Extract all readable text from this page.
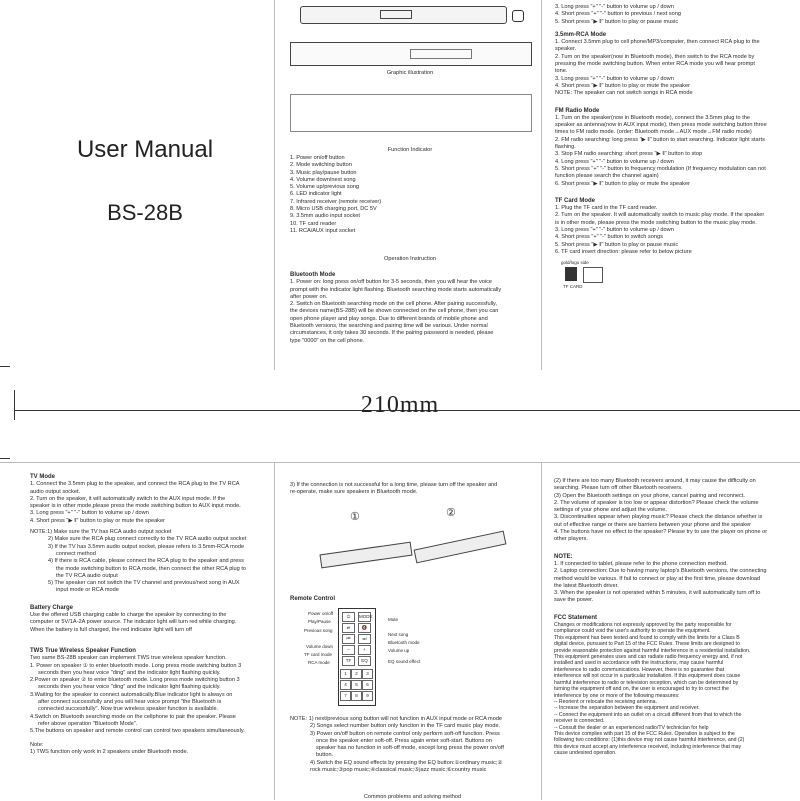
User Manual
BS-28B
Graphic illustration
Function Indicator

1. Power on/off button

2. Mode switching button

3. Music play/pause button

4. Volume down/next song

5. Volume up/previous song

6. LED indicator light

7. Infrared receiver (remote receiver)

8. Micro USB charging port, DC 5V

9. 3.5mm audio input socket

10. TF card reader

11. RCA/AUX input socket

Operation Instruction

Bluetooth Mode

1. Power on: long press on/off button for 3-5 seconds, then you will hear the voice

prompt with the indicator light flashing. Bluetooth searching mode starts automatically

after power on.

2. Switch on Bluetooth searching mode on the cell phone. After pairing successfully,

the devices name(BS-28B) will be shown connected on the cell phone, then you can

open phone player and play songs. Due to different brands of mobile phone and

Bluetooth versions, the searching and pairing time will be various. Under normal

circumstances, it only takes 30 seconds. If the pairing password is needed, please

type "0000" on the cell phone.

3. Long press "+" "-" button to volume up / down

4. Short press "+" "-" button to previous / next song

5. Short press "▶ ‖" button to play or pause music

3.5mm-RCA Mode

1. Connect 3.5mm plug to cell phone/MP3/computer, then connect RCA plug to the

speaker.

2. Turn on the speaker(now in Bluetooth mode), then switch to the RCA mode by

pressing the mode switching button. When enter RCA mode you will hear prompt

tone.

3. Long press "+" "-" button to volume up / down

4. Short press "▶ ‖" button to play or mute the speaker

NOTE: The speaker can not switch songs in RCA mode

FM Radio Mode

1. Turn on the speaker(now in Bluetooth mode), connect the 3.5mm plug to the

speaker as antenna(now in AUX input mode), then press mode switching button three

times to FM radio mode. (order: Bluetooth mode→AUX mode→FM radio mode)

2. FM radio searching: long press "▶ ‖" button to start searching. Indicator light starts

flashing.

3. Stop FM radio searching: short press "▶ ‖" button to stop

4. Long press "+" "-" button to volume up / down

5. Short press "+" "-" button to frequency modulation (If frequency modulation can not

function please search the channel again)

6. Short press "▶ ‖" button to play or mute the speaker

TF Card Mode

1. Plug the TF card in the TF card reader.

2. Turn on the speaker. It will automatically switch to music play mode. If the speaker

is in other mode, please press the mode switching button to the music play mode.

3. Long press "+" "-" button to volume up / down

4. Short press "+" "-" button to switch songs

5. Short press "▶ ‖" button to play or pause music

6. TF card insert direction: please refer to below picture

gold/logo side
TF CARD
210mm

TV Mode

1. Connect the 3.5mm plug to the speaker, and connect the RCA plug to the TV RCA

audio output socket.

2. Turn on the speaker, it will automatically switch to the AUX input mode. If the

speaker is in other mode,please press the mode switching button to AUX input mode.

3. Long press "+" "-" button to volume up / down

4. Short press "▶ ‖" button to play or mute the speaker

NOTE:1) Make sure the TV has RCA audio output socket

2) Make sure the RCA plug connect correctly to the TV RCA audio output socket

3) If the TV has 3.5mm audio output socket, please refers to 3.5mm-RCA mode

connect method

4) If there is RCA cable, please connect the RCA plug to the speaker and press

the mode switching button to RCA mode, then connect the other RCA plug to

the TV RCA audio output

5) The speaker can not switch the TV channel and previous/next song in AUX

input mode or RCA mode

Battery Charge

Use the offered USB charging cable to charge the speaker by connecting to the

computer or 5V/1A-2A power source. The indicator light will turn red while charging.

When the battery is full charged, the red indicator light will turn off

TWS True Wireless Speaker Function

Two same BS-28B speaker can implement TWS true wireless speaker function.

1. Power on speaker ① to enter bluetooth mode. Long press mode switching button 3

seconds then you hear voice "ding" and the indicator light flashing quickly.

2.Power on speaker ② to enter bluetooth mode. Long press mode switching button 3

seconds then you hear voice "ding" and the indicator light flashing quickly.

3.Waiting for the speaker to connect automatically.Blue indicator light is always on

after connect successfully and you will hear voice prompt "the Bluetooth is

connected successfully". Now true wireless speaker function is available.

4.Switch on Bluetooth searching mode on the cellphone to pair the speaker. Please

refer above operation "Bluetooth Mode".

5.The buttons on speaker and remote control can control two speakers simultaneously.

Note:

1) TWS function only work in 2 speakers under Bluetooth mode.

3) If the connection is not successful for a long time, please turn off the speaker and

re-operate, make sure speakers in Bluetooth mode.

①	②

Remote Control

⏻	MODE
🔇
⏯
⏮	⏭
–	+
EQ
TF
1	2	3
4	5	6
7	8	9
Power on/off
Play/Pause
Previous song
Volume down
TF card mode
RCA mode
Mute
Next song
Bluetooth mode
Volume up
EQ sound effect

NOTE: 1) next/previous song button will not function in AUX input mode or RCA mode

2) Songs select number button only function in the TF card music play mode.

3) Power on/off button on remote control only perform soft-off function. Press

once the speaker enter soft-off. Press again enter soft-start. Buttons on

speaker has no function in soft-off mode, except long press the power on/off

button.

4) Switch the EQ sound effects by pressing the EQ button:①ordinary music;②

rock music;③pop music;④classical music;⑤jazz music;⑥country music

Common problems and solving method

(2) If there are too many Bluetooth receivers around, it may cause the difficulty on

searching. Please turn off other Bluetooth receivers.

(3) Open the Bluetooth settings on your phone, cancel pairing and reconnect.

2. The volume of speaker is too low or appear distortion? Please check the volume

settings of your phone and adjust the volume.

3. Discontinuities appear when playing music? Please check the distance whether is

out of effective range or there are barriers between your phone and the speaker

4. The buttons have no effect to the speaker? Please try to use the player on phone or

other players.

NOTE:

1. If connected to tablet, please refer to the phone connection method.

2. Laptop connection: Due to having many laptop's Bluetooth versions, the connecting

method would be various. If fail to connect or play at the first time, please download

the latest Bluetooth driver.

3. When the speaker is not operated within 5 minutes, it will automatically turn off to

save the power.

FCC Statement

Changes or modifications not expressly approved by the party responsible for

compliance could void the user's authority to operate the equipment.

This equipment has been tested and found to comply with the limits for a Class B

digital device, pursuant to Part 15 of the FCC Rules. These limits are designed to

provide reasonable protection against harmful interference in a residential installation.

This equipment generates uses and can radiate radio frequency energy and, if not

installed and used in accordance with the instructions, may cause harmful

interference to radio communications. However, there is no guarantee that

interference will not occur in a particular installation. If this equipment does cause

harmful interference to radio or television reception, which can be determined by

turning the equipment off and on, the user is encouraged to try to correct the

interference by one or more of the following measures:

-- Reorient or relocate the receiving antenna.

-- Increase the separation between the equipment and receiver.

-- Connect the equipment into an outlet on a circuit different from that to which the

receiver is connected.

-- Consult the dealer or an experienced radio/TV technician for help

This device complies with part 15 of the FCC Rules. Operation is subject to the

following two conditions: (1)this device may not cause harmful interference, and (2)

this device must accept any interference received, including interference that may

cause undesired operation.
